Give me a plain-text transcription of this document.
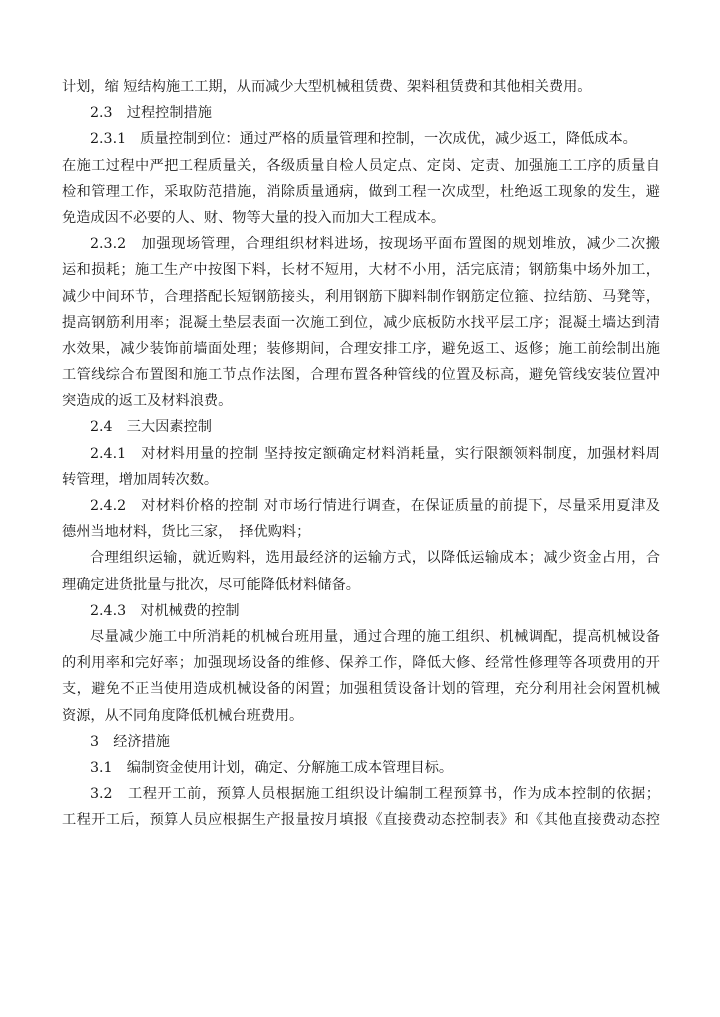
计划，缩 短结构施工工期，从而减少大型机械租赁费、架料租赁费和其他相关费用。
2.3　过程控制措施
2.3.1　质量控制到位：通过严格的质量管理和控制，一次成优，减少返工，降低成本。
在施工过程中严把工程质量关，各级质量自检人员定点、定岗、定责、加强施工工序的质量自
检和管理工作，采取防范措施，消除质量通病，做到工程一次成型，杜绝返工现象的发生，避
免造成因不必要的人、财、物等大量的投入而加大工程成本。
2.3.2　加强现场管理，合理组织材料进场，按现场平面布置图的规划堆放，减少二次搬
运和损耗；施工生产中按图下料，长材不短用，大材不小用，活完底清；钢筋集中场外加工，
减少中间环节，合理搭配长短钢筋接头，利用钢筋下脚料制作钢筋定位箍、拉结筋、马凳等，
提高钢筋利用率；混凝土垫层表面一次施工到位，减少底板防水找平层工序；混凝土墙达到清
水效果，减少装饰前墙面处理；装修期间，合理安排工序，避免返工、返修；施工前绘制出施
工管线综合布置图和施工节点作法图，合理布置各种管线的位置及标高，避免管线安装位置冲
突造成的返工及材料浪费。
2.4　三大因素控制
2.4.1　对材料用量的控制 坚持按定额确定材料消耗量，实行限额领料制度，加强材料周
转管理，增加周转次数。
2.4.2　对材料价格的控制 对市场行情进行调查，在保证质量的前提下，尽量采用夏津及
德州当地材料，货比三家，　择优购料；
合理组织运输，就近购料，选用最经济的运输方式，以降低运输成本；减少资金占用，合
理确定进货批量与批次，尽可能降低材料储备。
2.4.3　对机械费的控制
尽量减少施工中所消耗的机械台班用量，通过合理的施工组织、机械调配，提高机械设备
的利用率和完好率；加强现场设备的维修、保养工作，降低大修、经常性修理等各项费用的开
支，避免不正当使用造成机械设备的闲置；加强租赁设备计划的管理，充分利用社会闲置机械
资源，从不同角度降低机械台班费用。
3　经济措施
3.1　编制资金使用计划，确定、分解施工成本管理目标。
3.2　工程开工前，预算人员根据施工组织设计编制工程预算书，作为成本控制的依据；
工程开工后，预算人员应根据生产报量按月填报《直接费动态控制表》和《其他直接费动态控
